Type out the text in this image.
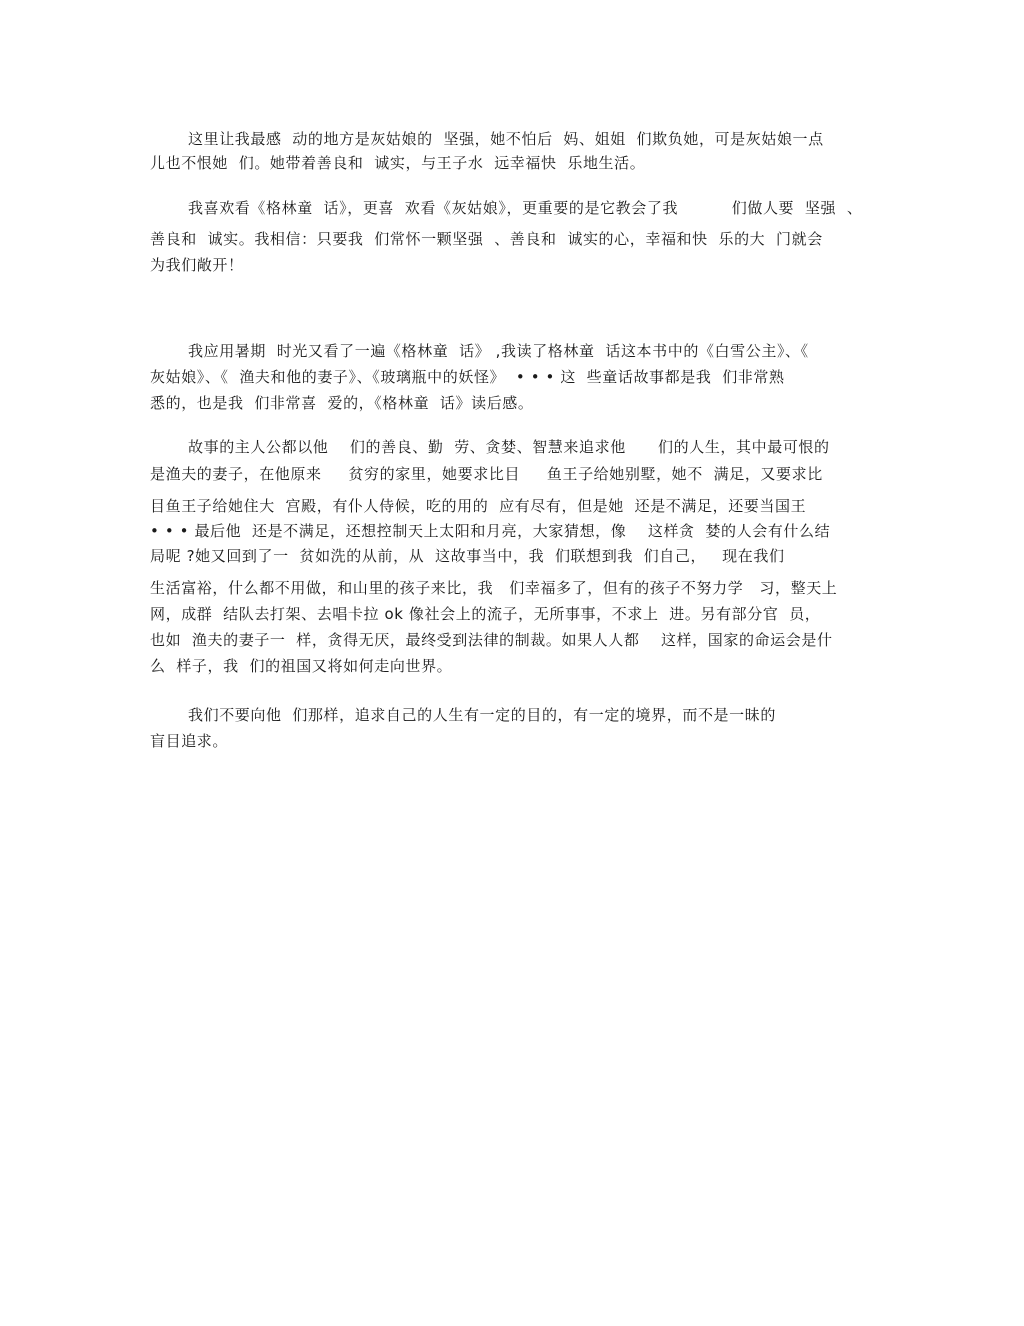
这里让我最感  动的地方是灰姑娘的  坚强，她不怕后  妈、姐姐  们欺负她，可是灰姑娘一点
儿也不恨她  们。她带着善良和  诚实，与王子水  远幸福快  乐地生活。
我喜欢看《格林童  话》，更喜  欢看《灰姑娘》，更重要的是它教会了我          们做人要  坚强  、
善良和  诚实。我相信：只要我  们常怀一颗坚强  、善良和  诚实的心，幸福和快  乐的大  门就会
为我们敞开！
我应用暑期  时光又看了一遍《格林童  话》 ,我读了格林童  话这本书中的《白雪公主》、《
灰姑娘》、《  渔夫和他的妻子》、《玻璃瓶中的妖怪》  • • • 这  些童话故事都是我  们非常熟
悉的，也是我  们非常喜  爱的，《格林童  话》读后感。
故事的主人公都以他    们的善良、勤  劳、贪婪、智慧来追求他      们的人生，其中最可恨的
是渔夫的妻子，在他原来     贫穷的家里，她要求比目     鱼王子给她别墅，她不  满足，又要求比
目鱼王子给她住大  宫殿，有仆人侍候，吃的用的  应有尽有，但是她  还是不满足，还要当国王
• • • 最后他  还是不满足，还想控制天上太阳和月亮，大家猜想，像    这样贪  婪的人会有什么结
局呢 ?她又回到了一  贫如洗的从前，从  这故事当中，我  们联想到我  们自己，   现在我们
生活富裕，什么都不用做，和山里的孩子来比，我   们幸福多了，但有的孩子不努力学   习，整天上
网，成群  结队去打架、去唱卡拉 ok 像社会上的流子，无所事事，不求上  进。另有部分官  员，
也如  渔夫的妻子一  样，贪得无厌，最终受到法律的制裁。如果人人都    这样，国家的命运会是什
么  样子，我  们的祖国又将如何走向世界。
我们不要向他  们那样，追求自己的人生有一定的目的，有一定的境界，而不是一昧的
盲目追求。
